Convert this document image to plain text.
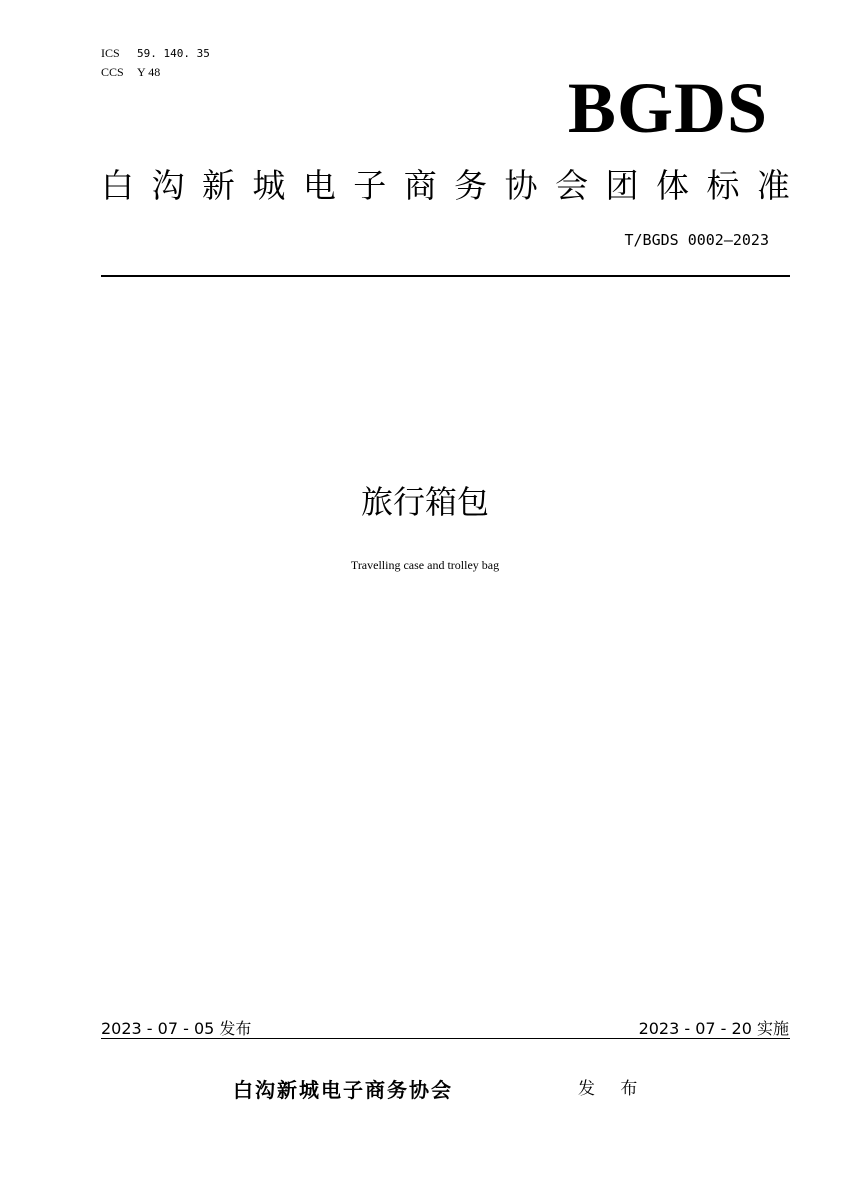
ICS 59. 140. 35
CCS Y 48	BGDS
白 沟 新 城 电 子 商 务 协 会 团 体 标 准
T/BGDS 0002—2023
旅行箱包
Travelling case and trolley bag
2023 - 07 - 05 发布	2023 - 07 - 20 实施
白沟新城电子商务协会	发 布
